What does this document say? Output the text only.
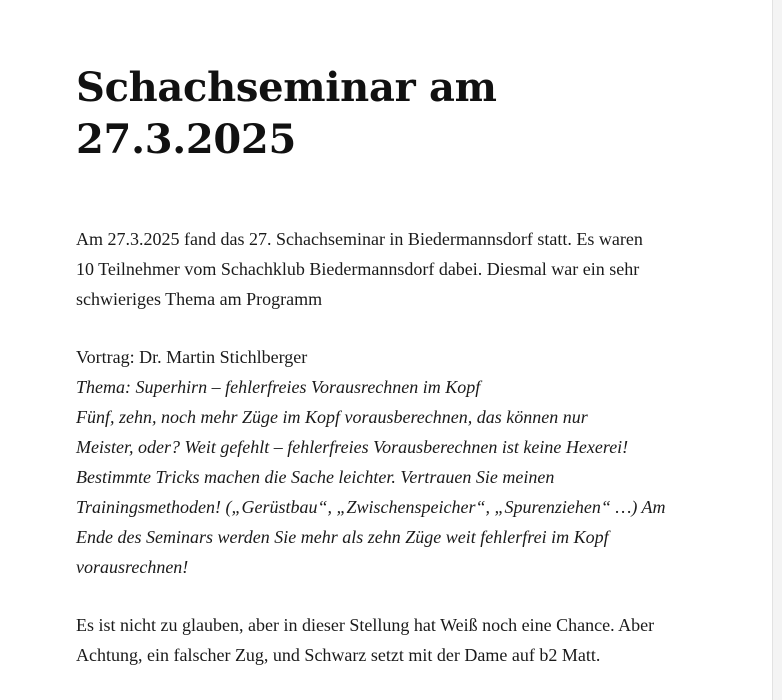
Schachseminar am
27.3.2025

Am 27.3.2025 fand das 27. Schachseminar in Biedermannsdorf statt. Es waren
10 Teilnehmer vom Schachklub Biedermannsdorf dabei. Diesmal war ein sehr
schwieriges Thema am Programm

Vortrag: Dr. Martin Stichlberger
Thema: Superhirn – fehlerfreies Vorausrechnen im Kopf
Fünf, zehn, noch mehr Züge im Kopf vorausberechnen, das können nur
Meister, oder? Weit gefehlt – fehlerfreies Vorausberechnen ist keine Hexerei!
Bestimmte Tricks machen die Sache leichter. Vertrauen Sie meinen
Trainingsmethoden! („Gerüstbau“, „Zwischenspeicher“, „Spurenziehen“ …) Am
Ende des Seminars werden Sie mehr als zehn Züge weit fehlerfrei im Kopf
vorausrechnen!

Es ist nicht zu glauben, aber in dieser Stellung hat Weiß noch eine Chance. Aber
Achtung, ein falscher Zug, und Schwarz setzt mit der Dame auf b2 Matt.
